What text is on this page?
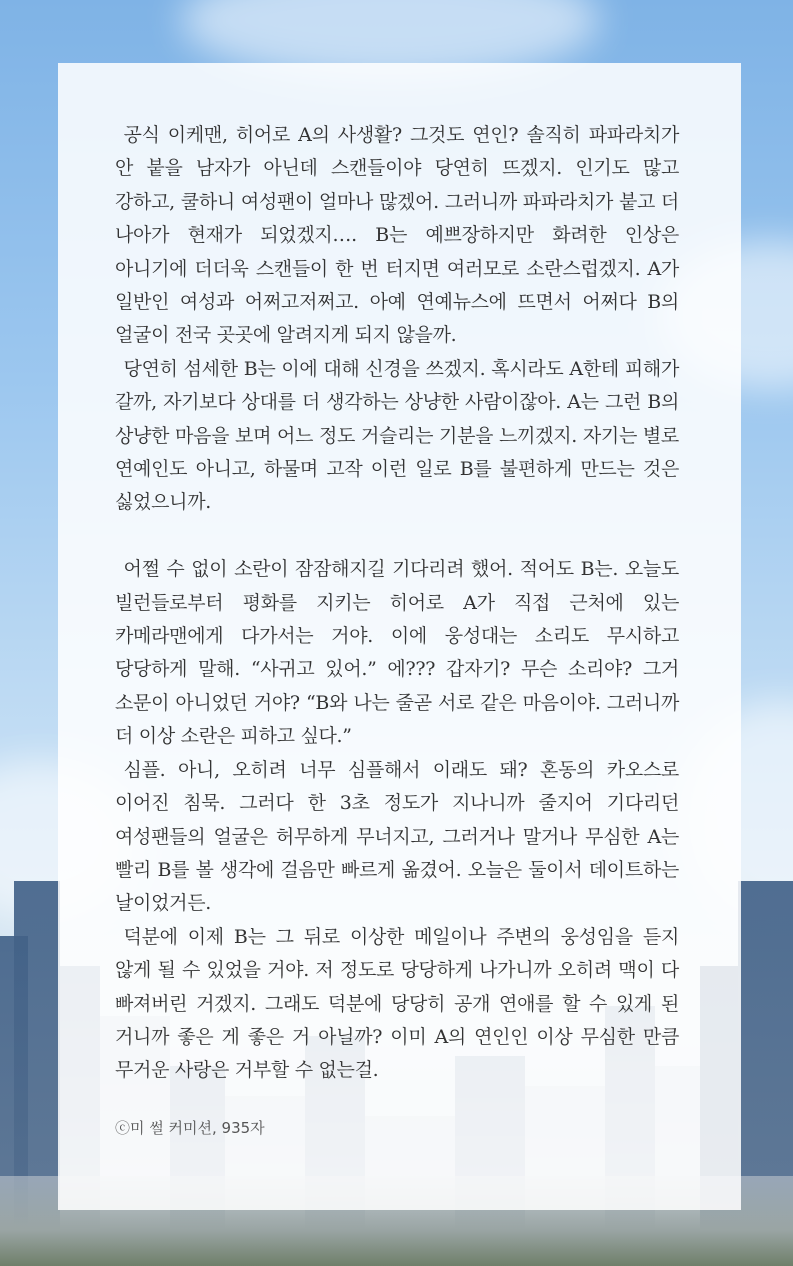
공식 이케맨, 히어로 A의 사생활? 그것도 연인? 솔직히 파파라치가 안 붙을 남자가 아닌데 스캔들이야 당연히 뜨겠지. 인기도 많고 강하고, 쿨하니 여성팬이 얼마나 많겠어. 그러니까 파파라치가 붙고 더 나아가 현재가 되었겠지…. B는 예쁘장하지만 화려한 인상은 아니기에 더더욱 스캔들이 한 번 터지면 여러모로 소란스럽겠지. A가 일반인 여성과 어쩌고저쩌고. 아예 연예뉴스에 뜨면서 어쩌다 B의 얼굴이 전국 곳곳에 알려지게 되지 않을까.

당연히 섬세한 B는 이에 대해 신경을 쓰겠지. 혹시라도 A한테 피해가 갈까, 자기보다 상대를 더 생각하는 상냥한 사람이잖아. A는 그런 B의 상냥한 마음을 보며 어느 정도 거슬리는 기분을 느끼겠지. 자기는 별로 연예인도 아니고, 하물며 고작 이런 일로 B를 불편하게 만드는 것은 싫었으니까.

어쩔 수 없이 소란이 잠잠해지길 기다리려 했어. 적어도 B는. 오늘도 빌런들로부터 평화를 지키는 히어로 A가 직접 근처에 있는 카메라맨에게 다가서는 거야. 이에 웅성대는 소리도 무시하고 당당하게 말해. “사귀고 있어.” 에??? 갑자기? 무슨 소리야? 그거 소문이 아니었던 거야? “B와 나는 줄곧 서로 같은 마음이야. 그러니까 더 이상 소란은 피하고 싶다.”

심플. 아니, 오히려 너무 심플해서 이래도 돼? 혼동의 카오스로 이어진 침묵. 그러다 한 3초 정도가 지나니까 줄지어 기다리던 여성팬들의 얼굴은 허무하게 무너지고, 그러거나 말거나 무심한 A는 빨리 B를 볼 생각에 걸음만 빠르게 옮겼어. 오늘은 둘이서 데이트하는 날이었거든.

덕분에 이제 B는 그 뒤로 이상한 메일이나 주변의 웅성임을 듣지 않게 될 수 있었을 거야. 저 정도로 당당하게 나가니까 오히려 맥이 다 빠져버린 거겠지. 그래도 덕분에 당당히 공개 연애를 할 수 있게 된 거니까 좋은 게 좋은 거 아닐까? 이미 A의 연인인 이상 무심한 만큼 무거운 사랑은 거부할 수 없는걸.

ⓒ미 썰 커미션, 935자
